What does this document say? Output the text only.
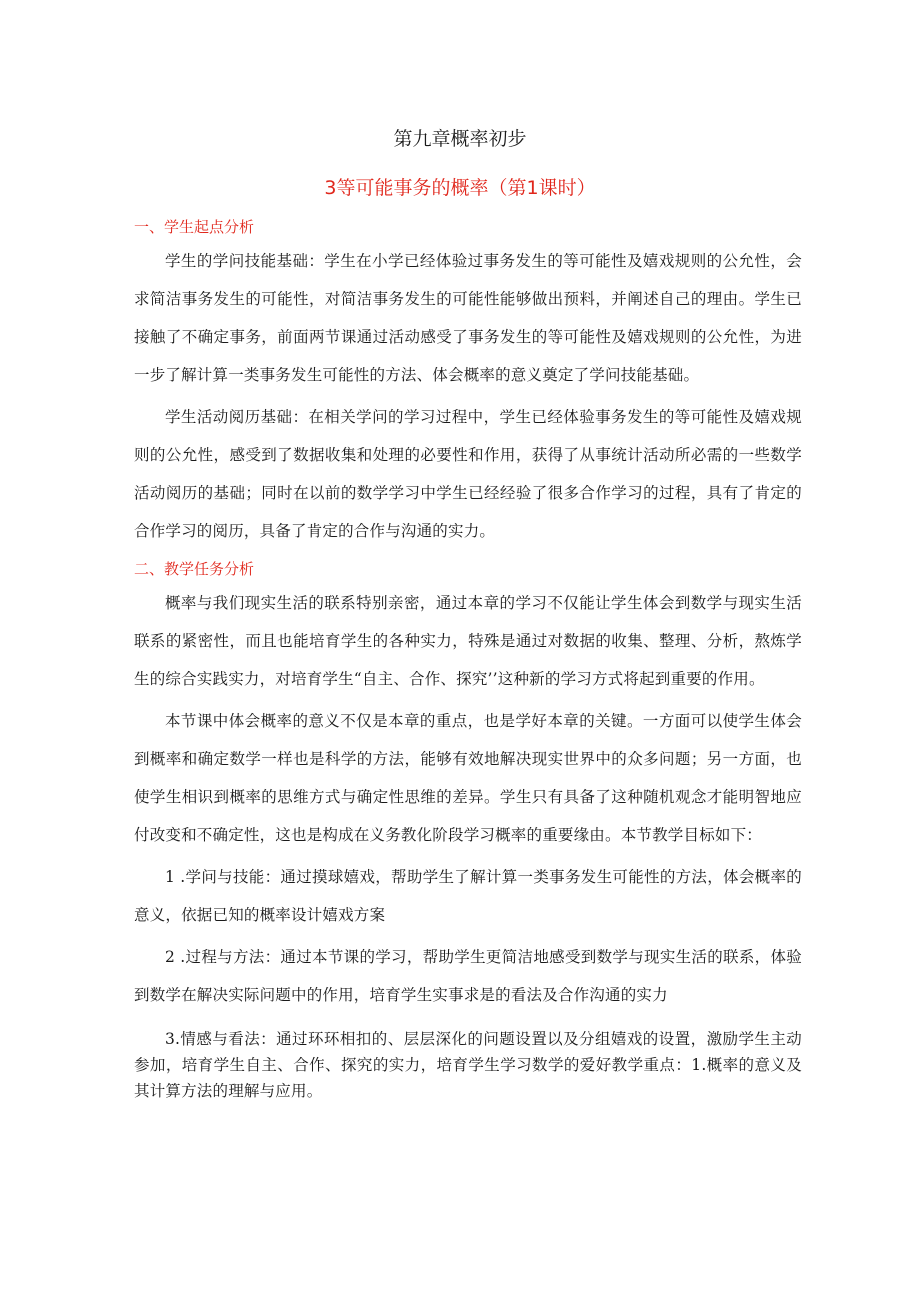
第九章概率初步
3等可能事务的概率（第1课时）

一、学生起点分析

学生的学问技能基础：学生在小学已经体验过事务发生的等可能性及嬉戏规则的公允性，会求简洁事务发生的可能性，对简洁事务发生的可能性能够做出预料，并阐述自己的理由。学生已接触了不确定事务，前面两节课通过活动感受了事务发生的等可能性及嬉戏规则的公允性，为进一步了解计算一类事务发生可能性的方法、体会概率的意义奠定了学问技能基础。

学生活动阅历基础：在相关学问的学习过程中，学生已经体验事务发生的等可能性及嬉戏规则的公允性，感受到了数据收集和处理的必要性和作用，获得了从事统计活动所必需的一些数学活动阅历的基础；同时在以前的数学学习中学生已经经验了很多合作学习的过程，具有了肯定的合作学习的阅历，具备了肯定的合作与沟通的实力。

二、教学任务分析

概率与我们现实生活的联系特别亲密，通过本章的学习不仅能让学生体会到数学与现实生活联系的紧密性，而且也能培育学生的各种实力，特殊是通过对数据的收集、整理、分析，熬炼学生的综合实践实力，对培育学生“自主、合作、探究’’这种新的学习方式将起到重要的作用。

本节课中体会概率的意义不仅是本章的重点，也是学好本章的关键。一方面可以使学生体会到概率和确定数学一样也是科学的方法，能够有效地解决现实世界中的众多问题；另一方面，也使学生相识到概率的思维方式与确定性思维的差异。学生只有具备了这种随机观念才能明智地应付改变和不确定性，这也是构成在义务教化阶段学习概率的重要缘由。本节教学目标如下：

1 .学问与技能：通过摸球嬉戏，帮助学生了解计算一类事务发生可能性的方法，体会概率的意义，依据已知的概率设计嬉戏方案

2 .过程与方法：通过本节课的学习，帮助学生更简洁地感受到数学与现实生活的联系，体验到数学在解决实际问题中的作用，培育学生实事求是的看法及合作沟通的实力

3.情感与看法：通过环环相扣的、层层深化的问题设置以及分组嬉戏的设置，激励学生主动参加，培育学生自主、合作、探究的实力，培育学生学习数学的爱好教学重点：1.概率的意义及其计算方法的理解与应用。
